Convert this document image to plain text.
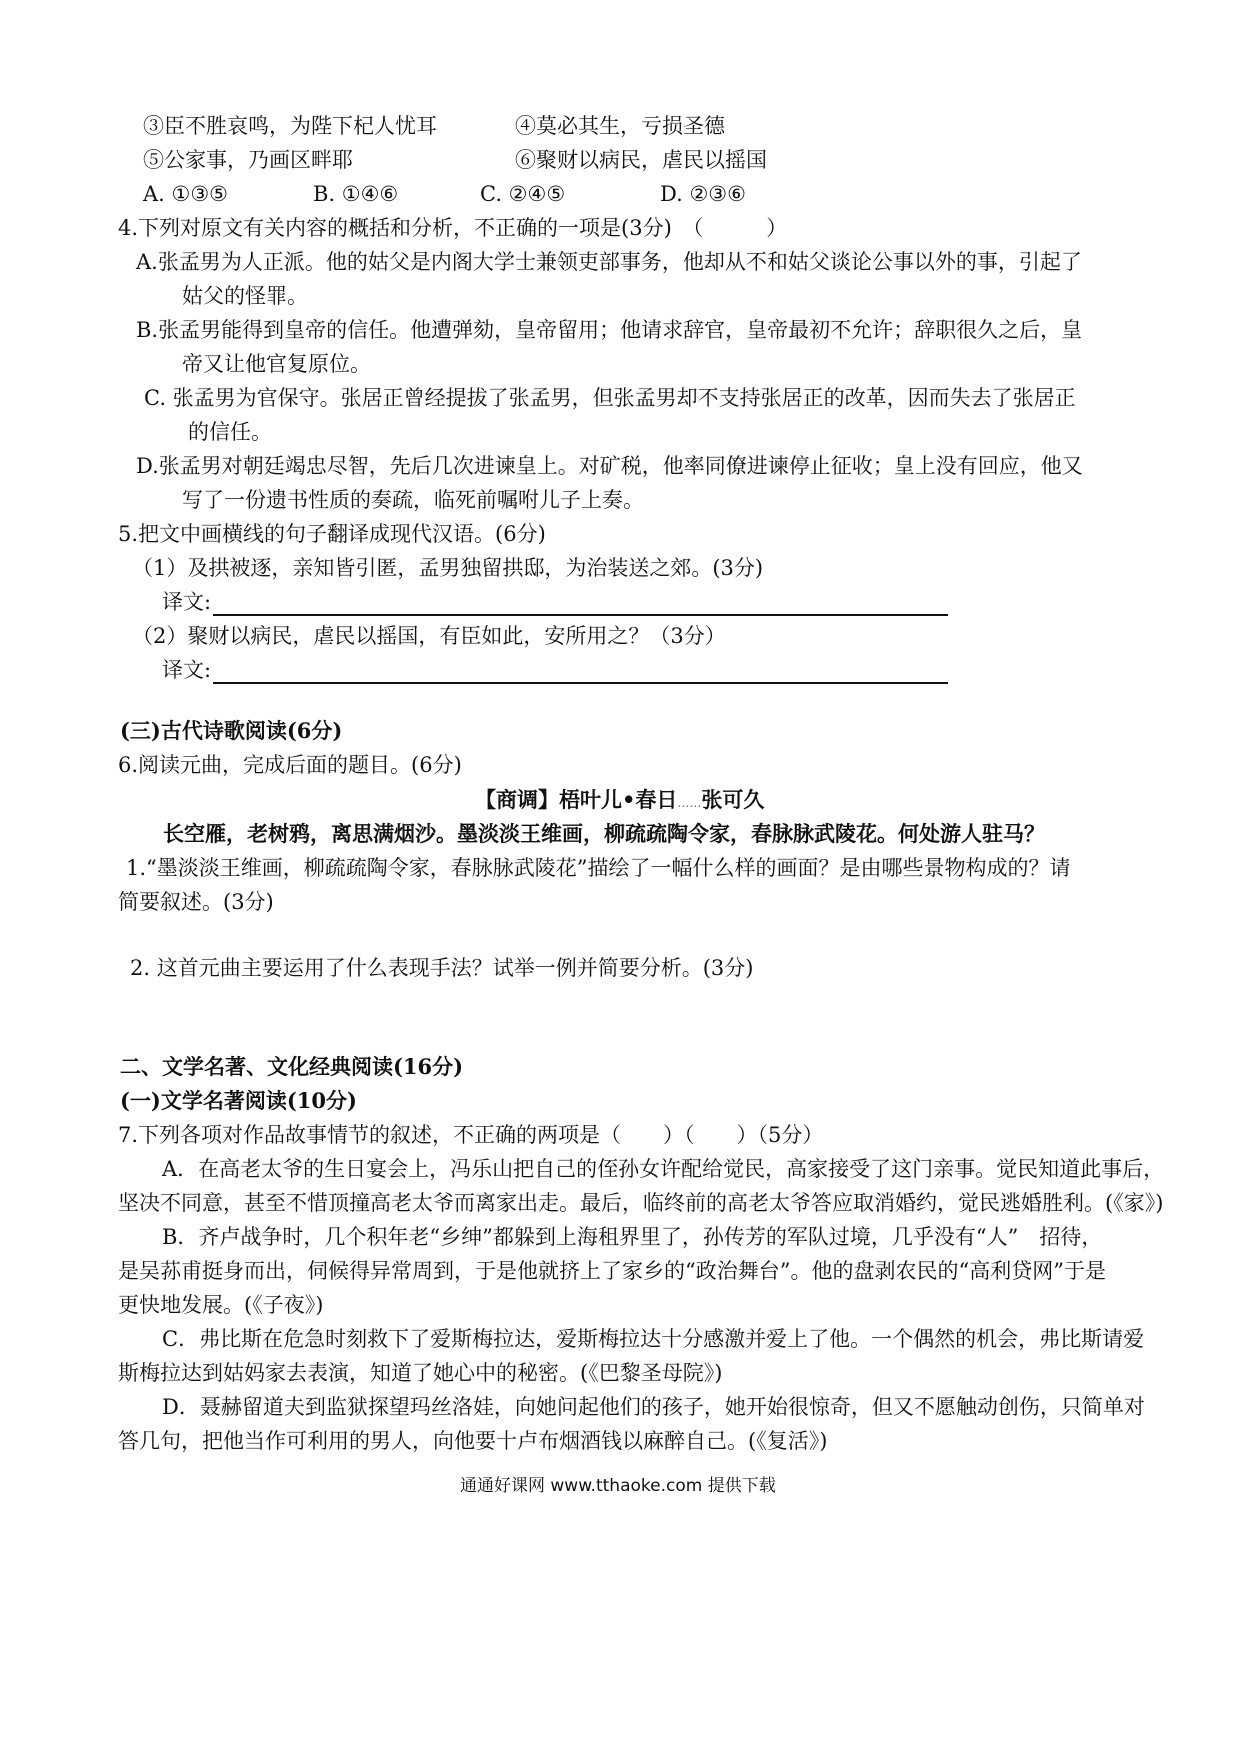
③臣不胜哀鸣，为陛下杞人忧耳	④莫必其生，亏损圣德
⑤公家事，乃画区畔耶	⑥聚财以病民，虐民以摇国
A. ①③⑤	B. ①④⑥	C. ②④⑤	D. ②③⑥
4.下列对原文有关内容的概括和分析，不正确的一项是(3分)　（　　　）
A.张孟男为人正派。他的姑父是内阁大学士兼领吏部事务，他却从不和姑父谈论公事以外的事，引起了
姑父的怪罪。
B.张孟男能得到皇帝的信任。他遭弹劾，皇帝留用；他请求辞官，皇帝最初不允许；辞职很久之后，皇
帝又让他官复原位。
C. 张孟男为官保守。张居正曾经提拔了张孟男，但张孟男却不支持张居正的改革，因而失去了张居正
的信任。
D.张孟男对朝廷竭忠尽智，先后几次进谏皇上。对矿税，他率同僚进谏停止征收；皇上没有回应，他又
写了一份遗书性质的奏疏，临死前嘱咐儿子上奏。
5.把文中画横线的句子翻译成现代汉语。(6分)
（1）及拱被逐，亲知皆引匿，孟男独留拱邸，为治装送之郊。(3分)
译文:
（2）聚财以病民，虐民以摇国，有臣如此，安所用之？（3分）
译文:
(三)古代诗歌阅读(6分)
6.阅读元曲，完成后面的题目。(6分)
【商调】梧叶儿•春日……张可久
长空雁，老树鸦，离思满烟沙。墨淡淡王维画，柳疏疏陶令家，春脉脉武陵花。何处游人驻马？
1.“墨淡淡王维画，柳疏疏陶令家，春脉脉武陵花”描绘了一幅什么样的画面？是由哪些景物构成的？请
简要叙述。(3分)
2. 这首元曲主要运用了什么表现手法？试举一例并简要分析。(3分)
二、文学名著、文化经典阅读(16分)
(一)文学名著阅读(10分)
7.下列各项对作品故事情节的叙述，不正确的两项是（　　）（　　）（5分）
A．在高老太爷的生日宴会上，冯乐山把自己的侄孙女许配给觉民，高家接受了这门亲事。觉民知道此事后，
坚决不同意，甚至不惜顶撞高老太爷而离家出走。最后，临终前的高老太爷答应取消婚约，觉民逃婚胜利。(《家》)
B．齐卢战争时，几个积年老“乡绅”都躲到上海租界里了，孙传芳的军队过境，几乎没有“人”　招待，
是吴荪甫挺身而出，伺候得异常周到，于是他就挤上了家乡的“政治舞台”。他的盘剥农民的“高利贷网”于是
更快地发展。(《子夜》)
C．弗比斯在危急时刻救下了爱斯梅拉达，爱斯梅拉达十分感激并爱上了他。一个偶然的机会，弗比斯请爱
斯梅拉达到姑妈家去表演，知道了她心中的秘密。(《巴黎圣母院》)
D．聂赫留道夫到监狱探望玛丝洛娃，向她问起他们的孩子，她开始很惊奇，但又不愿触动创伤，只简单对
答几句，把他当作可利用的男人，向他要十卢布烟酒钱以麻醉自己。(《复活》)
通通好课网 www.tthaoke.com 提供下载
